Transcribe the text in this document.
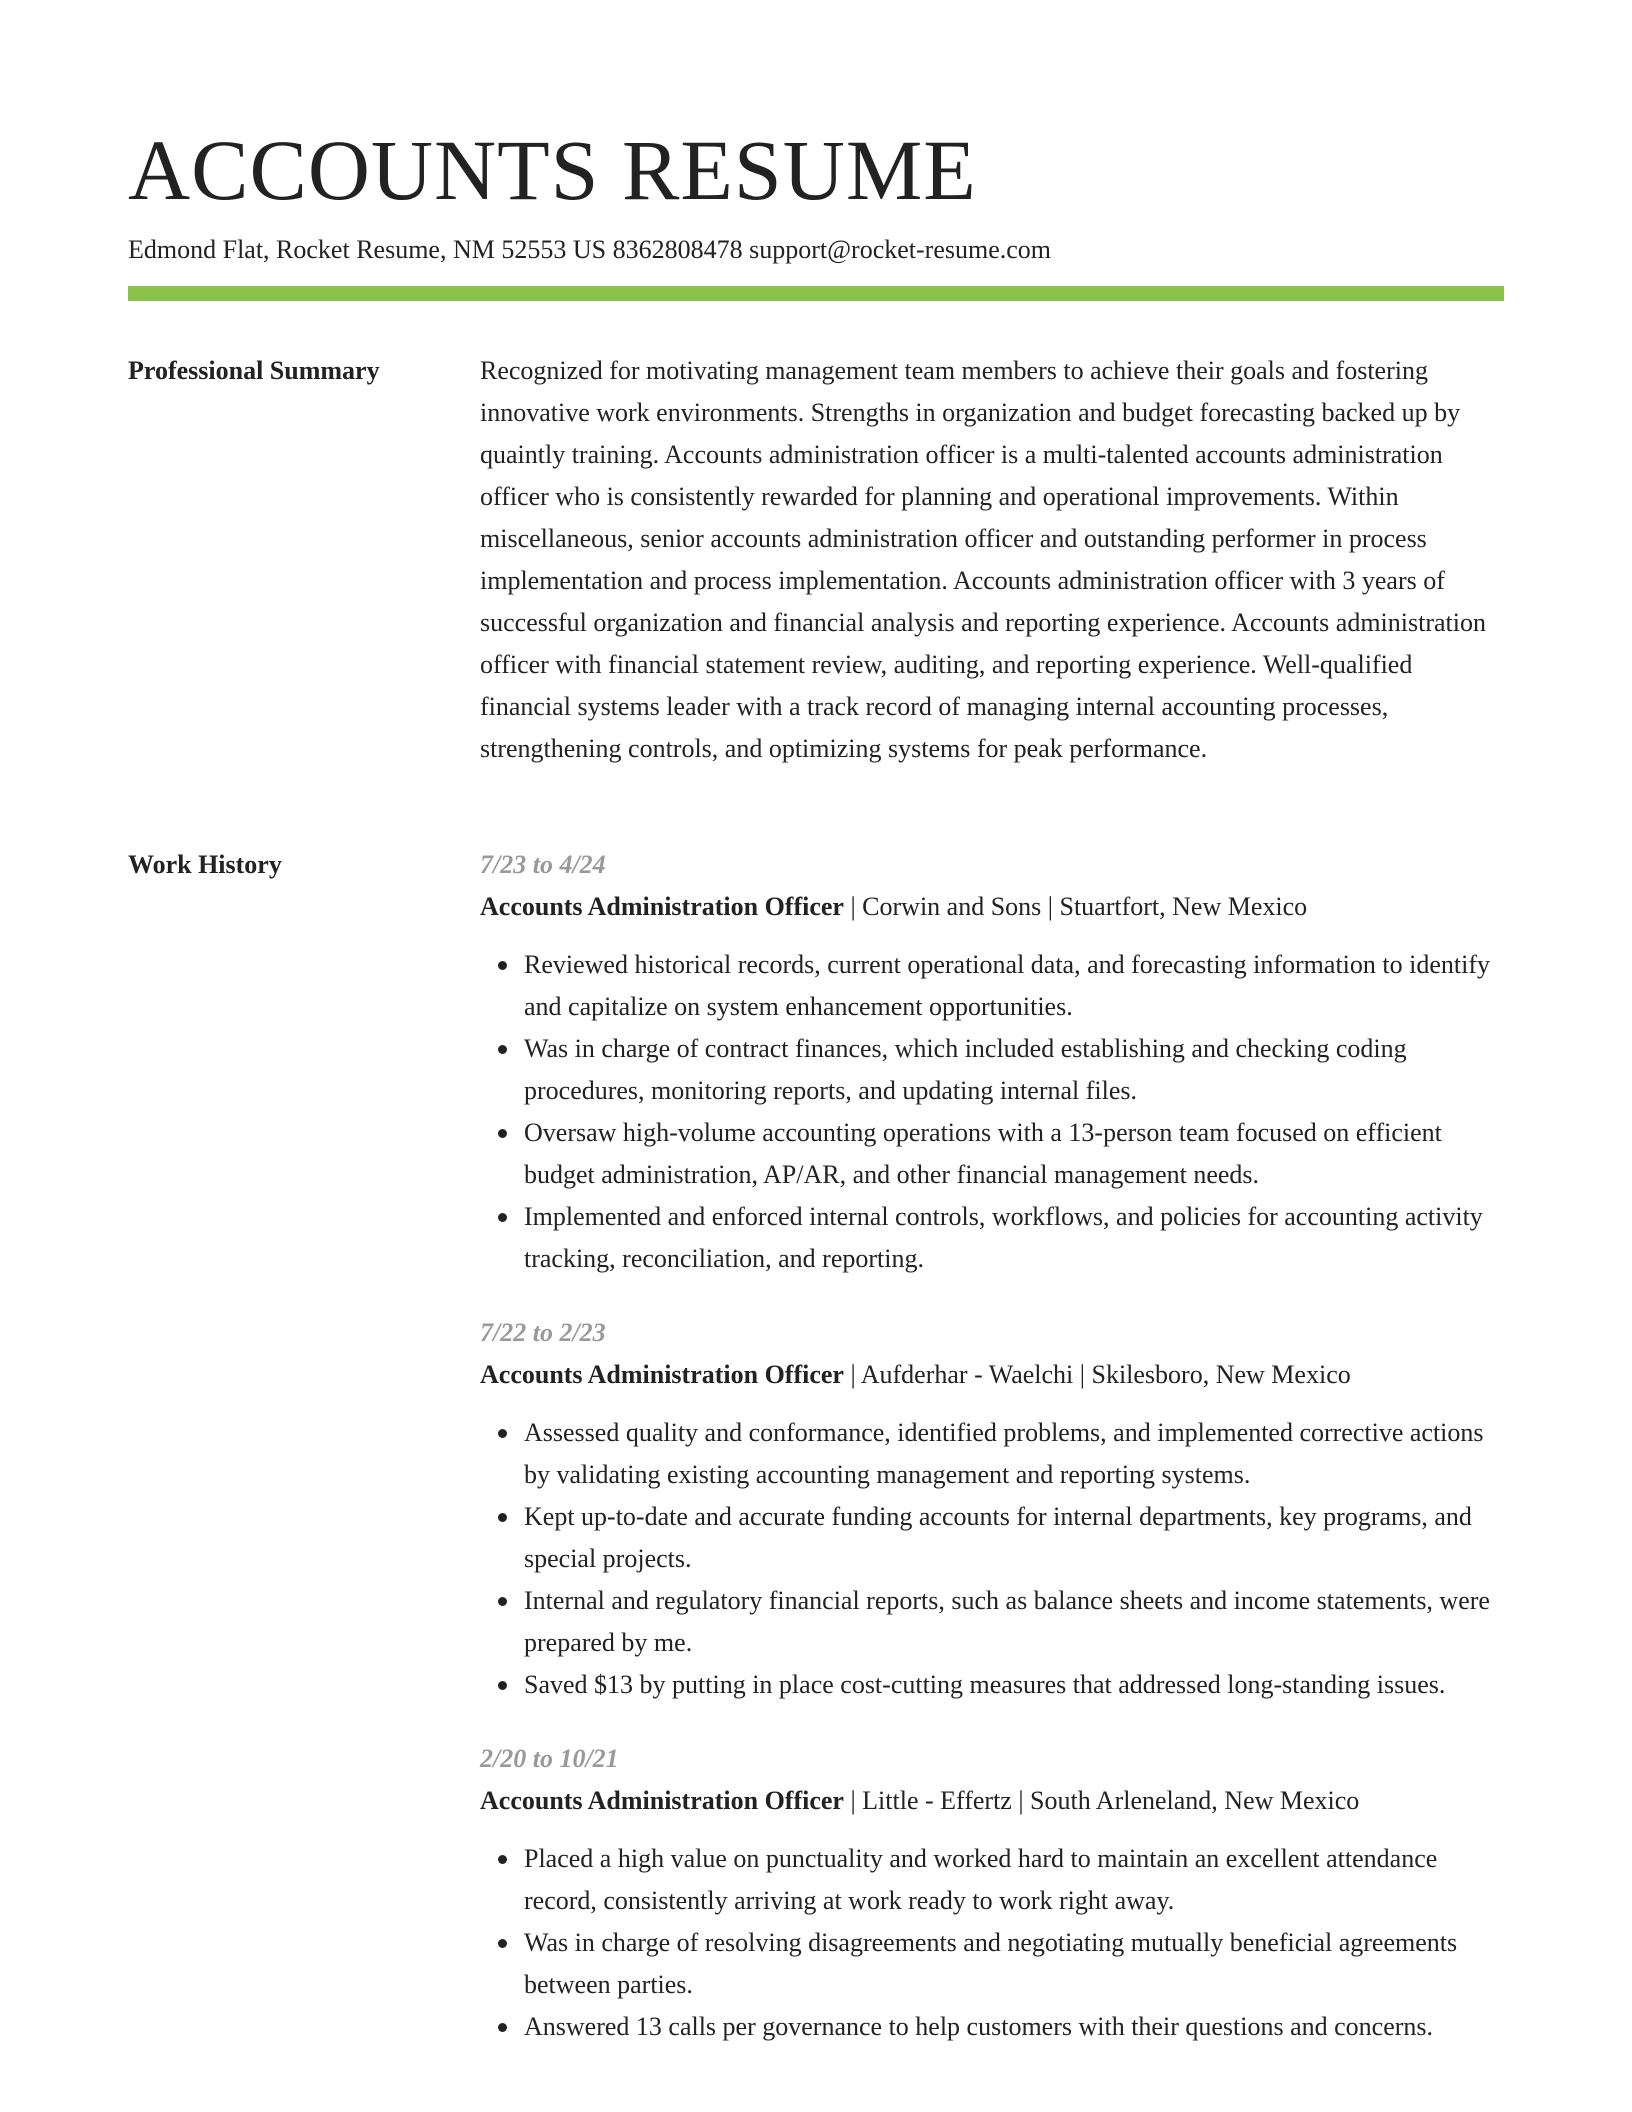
ACCOUNTS RESUME
Edmond Flat, Rocket Resume, NM 52553 US 8362808478 support@rocket-resume.com
Professional Summary	Recognized for motivating management team members to achieve their goals and fostering innovative work environments. Strengths in organization and budget forecasting backed up by quaintly training. Accounts administration officer is a multi-talented accounts administration officer who is consistently rewarded for planning and operational improvements. Within miscellaneous, senior accounts administration officer and outstanding performer in process implementation and process implementation. Accounts administration officer with 3 years of successful organization and financial analysis and reporting experience. Accounts administration officer with financial statement review, auditing, and reporting experience. Well-qualified financial systems leader with a track record of managing internal accounting processes, strengthening controls, and optimizing systems for peak performance.

Work History	7/23 to 4/24
Accounts Administration Officer | Corwin and Sons | Stuartfort, New Mexico
Reviewed historical records, current operational data, and forecasting information to identify and capitalize on system enhancement opportunities.
Was in charge of contract finances, which included establishing and checking coding procedures, monitoring reports, and updating internal files.
Oversaw high-volume accounting operations with a 13-person team focused on efficient budget administration, AP/AR, and other financial management needs.
Implemented and enforced internal controls, workflows, and policies for accounting activity tracking, reconciliation, and reporting.
7/22 to 2/23
Accounts Administration Officer | Aufderhar - Waelchi | Skilesboro, New Mexico
Assessed quality and conformance, identified problems, and implemented corrective actions by validating existing accounting management and reporting systems.
Kept up-to-date and accurate funding accounts for internal departments, key programs, and special projects.
Internal and regulatory financial reports, such as balance sheets and income statements, were prepared by me.
Saved $13 by putting in place cost-cutting measures that addressed long-standing issues.
2/20 to 10/21
Accounts Administration Officer | Little - Effertz | South Arleneland, New Mexico
Placed a high value on punctuality and worked hard to maintain an excellent attendance record, consistently arriving at work ready to work right away.
Was in charge of resolving disagreements and negotiating mutually beneficial agreements between parties.
Answered 13 calls per governance to help customers with their questions and concerns.
